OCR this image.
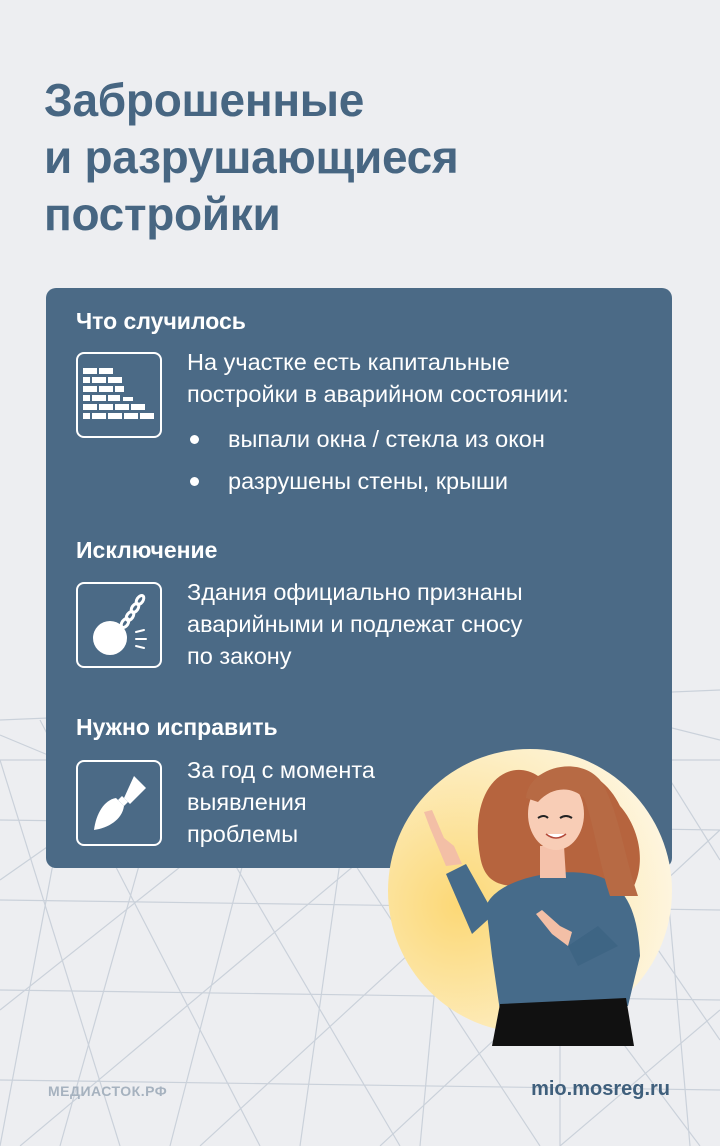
Заброшенные
и разрушающиеся
постройки
Что случилось

На участке есть капитальные
постройки в аварийном состоянии:

выпали окна / стекла из окон
разрушены стены, крыши
Исключение

Здания официально признаны
аварийными и подлежат сносу
по закону

Нужно исправить

За год с момента
выявления
проблемы

МЕДИАСТОК.РФ	mio.mosreg.ru
